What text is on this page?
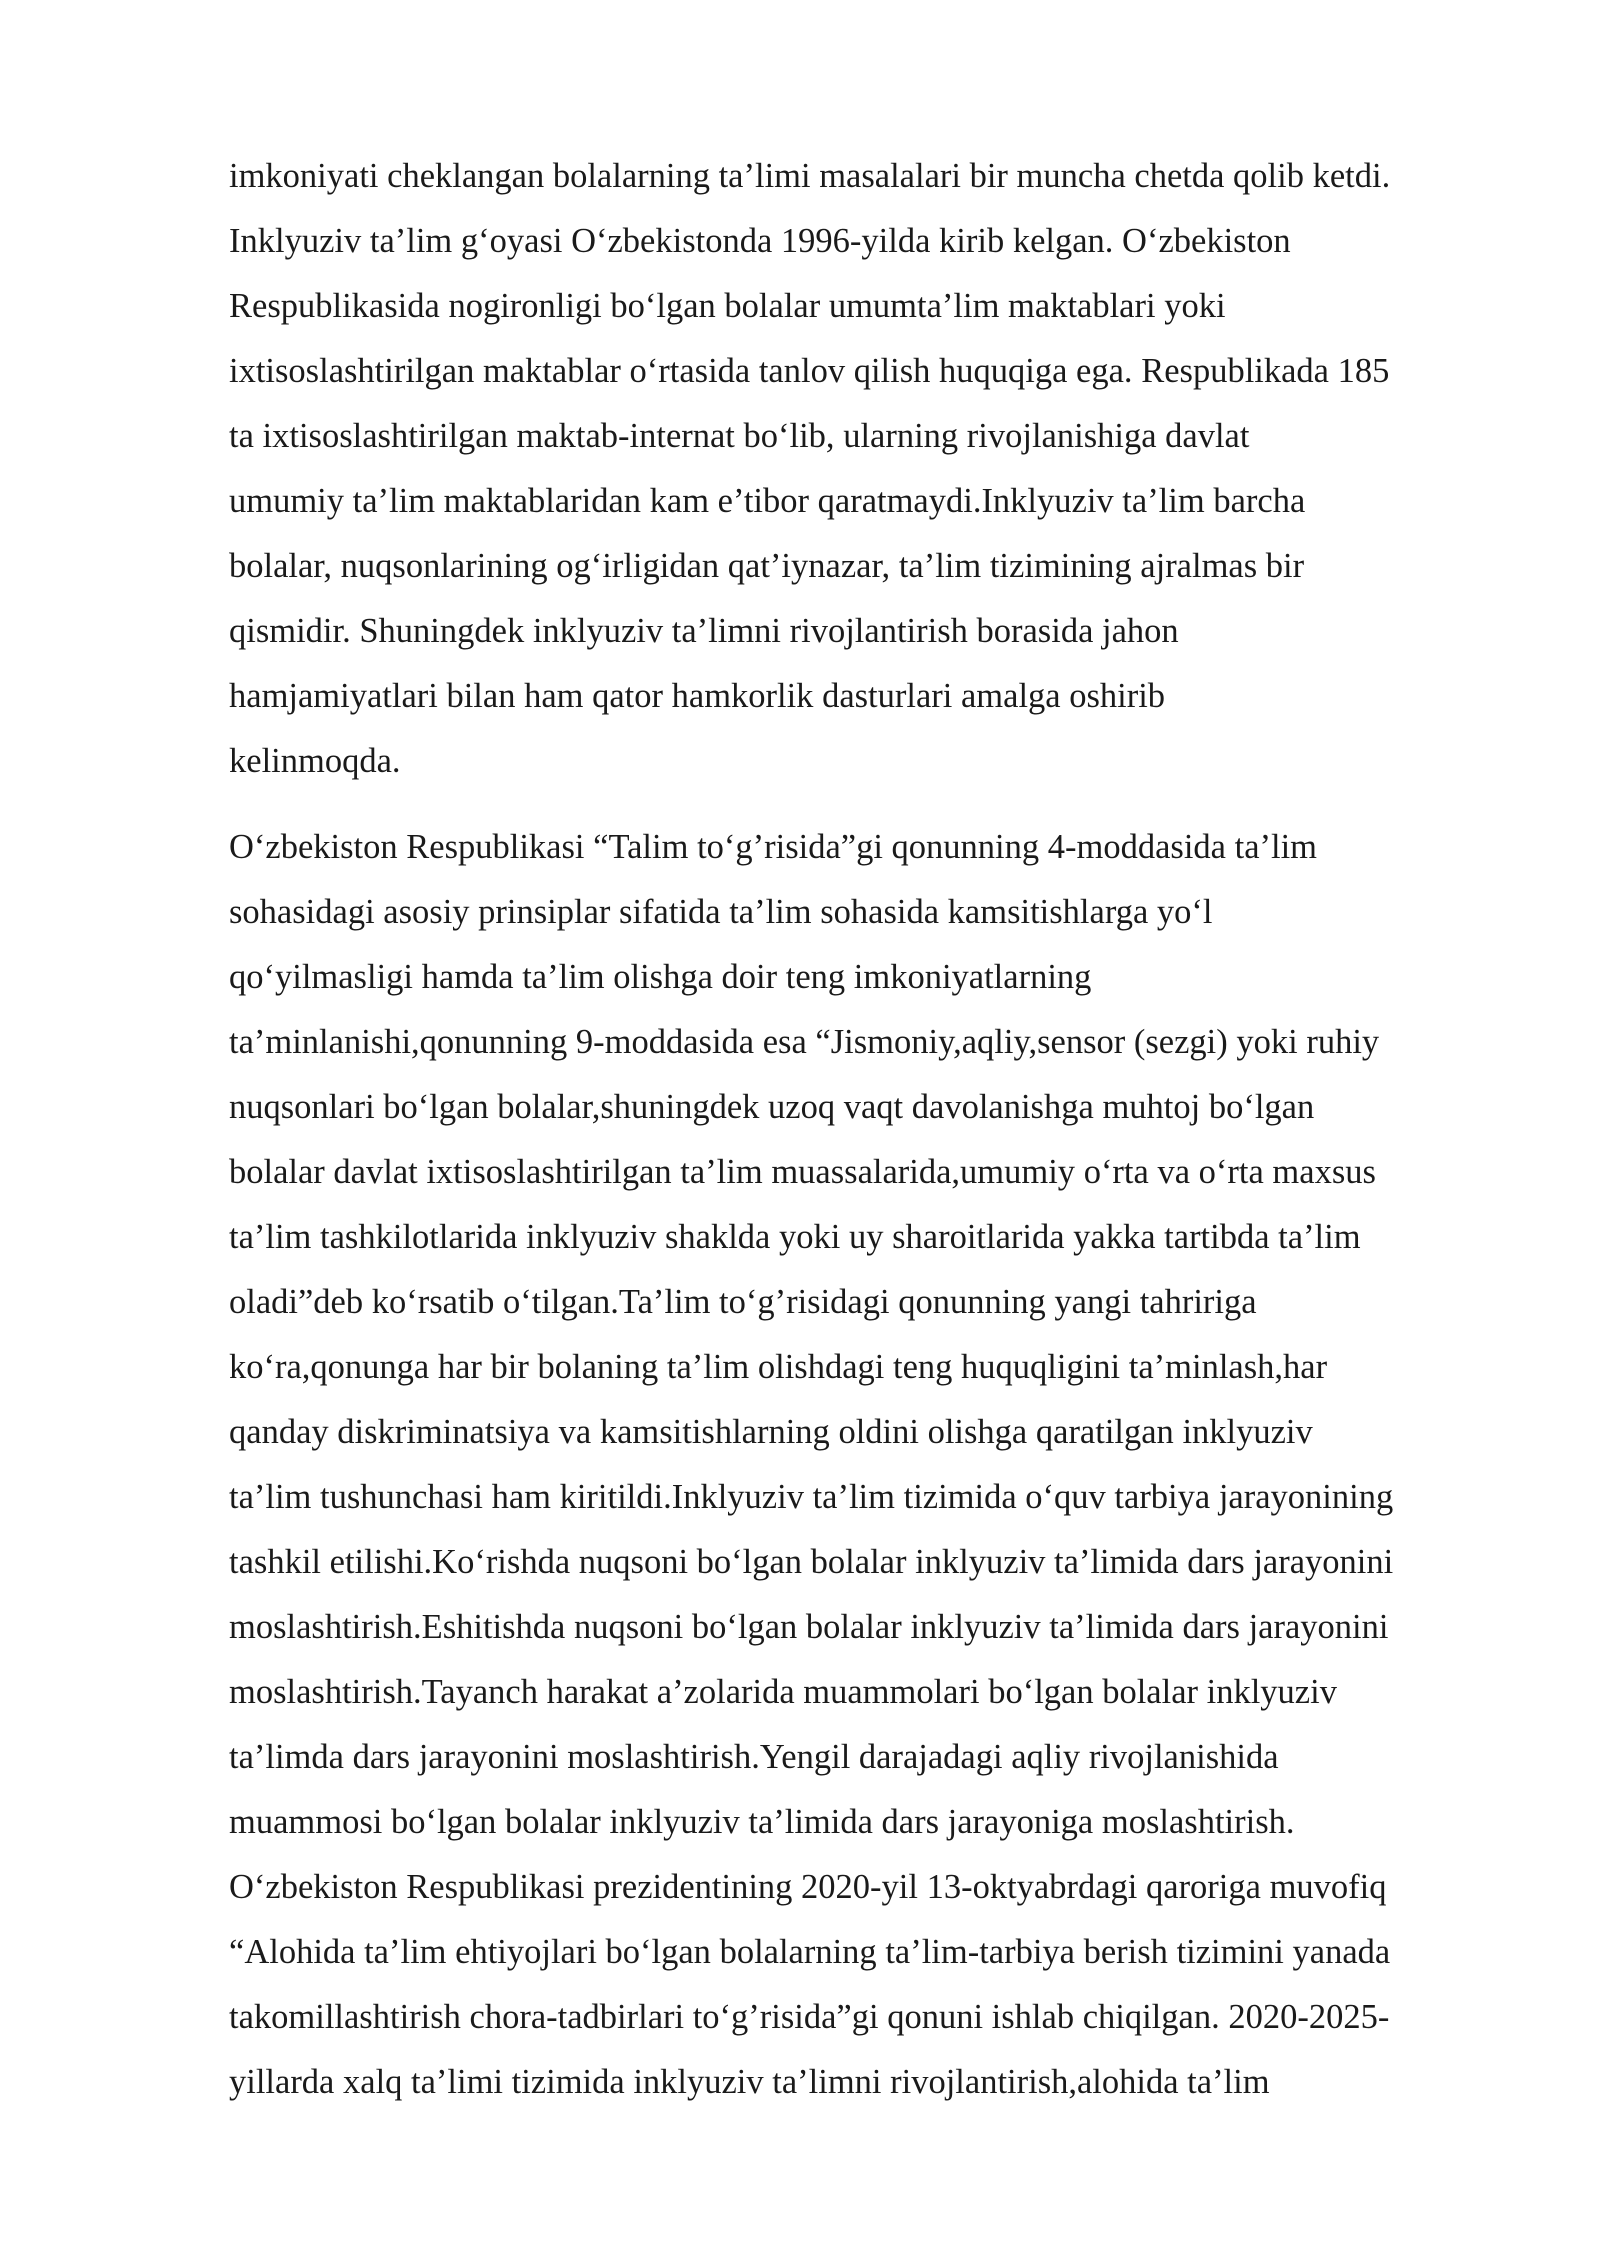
imkoniyati cheklangan bolalarning ta’limi masalalari bir muncha chetda qolib ketdi.
Inklyuziv ta’lim g‘oyasi O‘zbekistonda 1996-yilda kirib kelgan. O‘zbekiston
Respublikasida nogironligi bo‘lgan bolalar umumta’lim maktablari yoki
ixtisoslashtirilgan maktablar o‘rtasida tanlov qilish huquqiga ega. Respublikada 185
ta ixtisoslashtirilgan maktab-internat bo‘lib, ularning rivojlanishiga davlat
umumiy ta’lim maktablaridan kam e’tibor qaratmaydi.Inklyuziv ta’lim barcha
bolalar, nuqsonlarining og‘irligidan qat’iynazar, ta’lim tizimining ajralmas bir
qismidir. Shuningdek inklyuziv ta’limni rivojlantirish borasida jahon
hamjamiyatlari bilan ham qator hamkorlik dasturlari amalga oshirib
kelinmoqda.
O‘zbekiston Respublikasi “Talim to‘g’risida”gi qonunning 4-moddasida ta’lim
sohasidagi asosiy prinsiplar sifatida ta’lim sohasida kamsitishlarga yo‘l
qo‘yilmasligi hamda ta’lim olishga doir teng imkoniyatlarning
ta’minlanishi,qonunning 9-moddasida esa “Jismoniy,aqliy,sensor (sezgi) yoki ruhiy
nuqsonlari bo‘lgan bolalar,shuningdek uzoq vaqt davolanishga muhtoj bo‘lgan
bolalar davlat ixtisoslashtirilgan ta’lim muassalarida,umumiy o‘rta va o‘rta maxsus
ta’lim tashkilotlarida inklyuziv shaklda yoki uy sharoitlarida yakka tartibda ta’lim
oladi”deb ko‘rsatib o‘tilgan.Ta’lim to‘g’risidagi qonunning yangi tahririga
ko‘ra,qonunga har bir bolaning ta’lim olishdagi teng huquqligini ta’minlash,har
qanday diskriminatsiya va kamsitishlarning oldini olishga qaratilgan inklyuziv
ta’lim tushunchasi ham kiritildi.Inklyuziv ta’lim tizimida o‘quv tarbiya jarayonining
tashkil etilishi.Ko‘rishda nuqsoni bo‘lgan bolalar inklyuziv ta’limida dars jarayonini
moslashtirish.Eshitishda nuqsoni bo‘lgan bolalar inklyuziv ta’limida dars jarayonini
moslashtirish.Tayanch harakat a’zolarida muammolari bo‘lgan bolalar inklyuziv
ta’limda dars jarayonini moslashtirish.Yengil darajadagi aqliy rivojlanishida
muammosi bo‘lgan bolalar inklyuziv ta’limida dars jarayoniga moslashtirish.
O‘zbekiston Respublikasi prezidentining 2020-yil 13-oktyabrdagi qaroriga muvofiq
“Alohida ta’lim ehtiyojlari bo‘lgan bolalarning ta’lim-tarbiya berish tizimini yanada
takomillashtirish chora-tadbirlari to‘g’risida”gi qonuni ishlab chiqilgan. 2020-2025-
yillarda xalq ta’limi tizimida inklyuziv ta’limni rivojlantirish,alohida ta’lim
